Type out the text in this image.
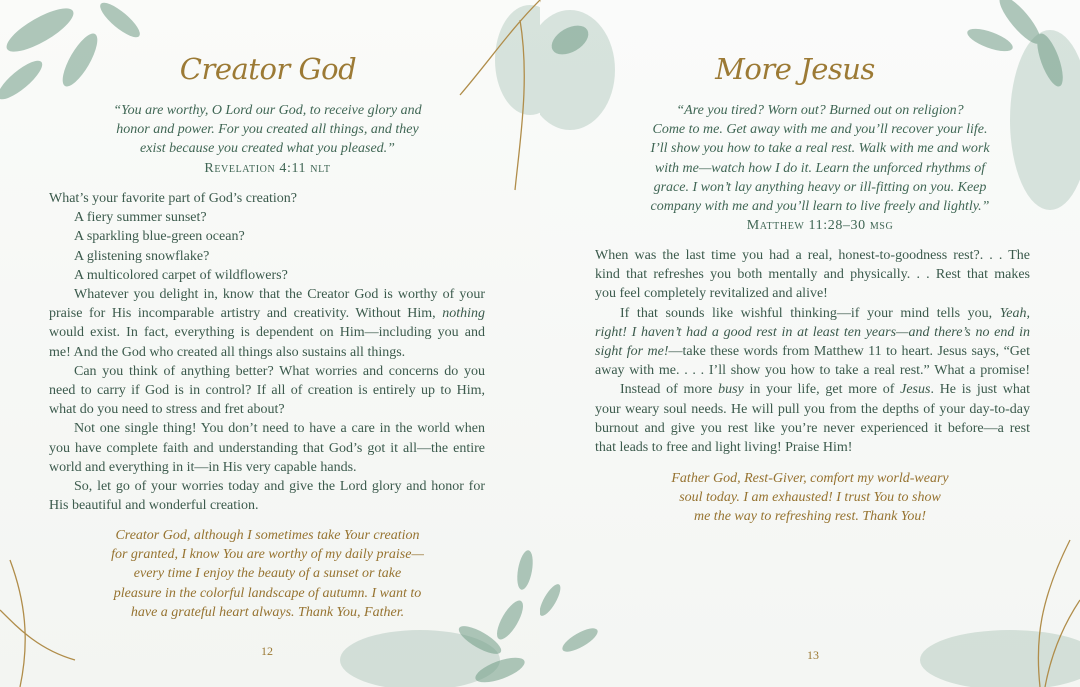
Creator God
“You are worthy, O Lord our God, to receive glory and
honor and power. For you created all things, and they
exist because you created what you pleased.”
Revelation 4:11 nlt
What’s your favorite part of God’s creation?
A fiery summer sunset?
A sparkling blue-green ocean?
A glistening snowflake?
A multicolored carpet of wildflowers?
Whatever you delight in, know that the Creator God is worthy of your
praise for His incomparable artistry and creativity. Without Him, nothing
would exist. In fact, everything is dependent on Him—including you and
me! And the God who created all things also sustains all things.
Can you think of anything better? What worries and concerns do you
need to carry if God is in control? If all of creation is entirely up to Him,
what do you need to stress and fret about?
Not one single thing! You don’t need to have a care in the world when
you have complete faith and understanding that God’s got it all—the entire
world and everything in it—in His very capable hands.
So, let go of your worries today and give the Lord glory and honor for
His beautiful and wonderful creation.
Creator God, although I sometimes take Your creation
for granted, I know You are worthy of my daily praise—
every time I enjoy the beauty of a sunset or take
pleasure in the colorful landscape of autumn. I want to
have a grateful heart always. Thank You, Father.
12
More Jesus
“Are you tired? Worn out? Burned out on religion?
Come to me. Get away with me and you’ll recover your life.
I’ll show you how to take a real rest. Walk with me and work
with me—watch how I do it. Learn the unforced rhythms of
grace. I won’t lay anything heavy or ill-fitting on you. Keep
company with me and you’ll learn to live freely and lightly.”
Matthew 11:28–30 msg
When was the last time you had a real, honest-to-goodness rest?. . . The
kind that refreshes you both mentally and physically. . . Rest that makes
you feel completely revitalized and alive!
If that sounds like wishful thinking—if your mind tells you, Yeah,
right! I haven’t had a good rest in at least ten years—and there’s no end in
sight for me!—take these words from Matthew 11 to heart. Jesus says, “Get
away with me. . . . I’ll show you how to take a real rest.” What a promise!
Instead of more busy in your life, get more of Jesus. He is just what
your weary soul needs. He will pull you from the depths of your day-to-day
burnout and give you rest like you’re never experienced it before—a rest
that leads to free and light living! Praise Him!
Father God, Rest-Giver, comfort my world-weary
soul today. I am exhausted! I trust You to show
me the way to refreshing rest. Thank You!
13
